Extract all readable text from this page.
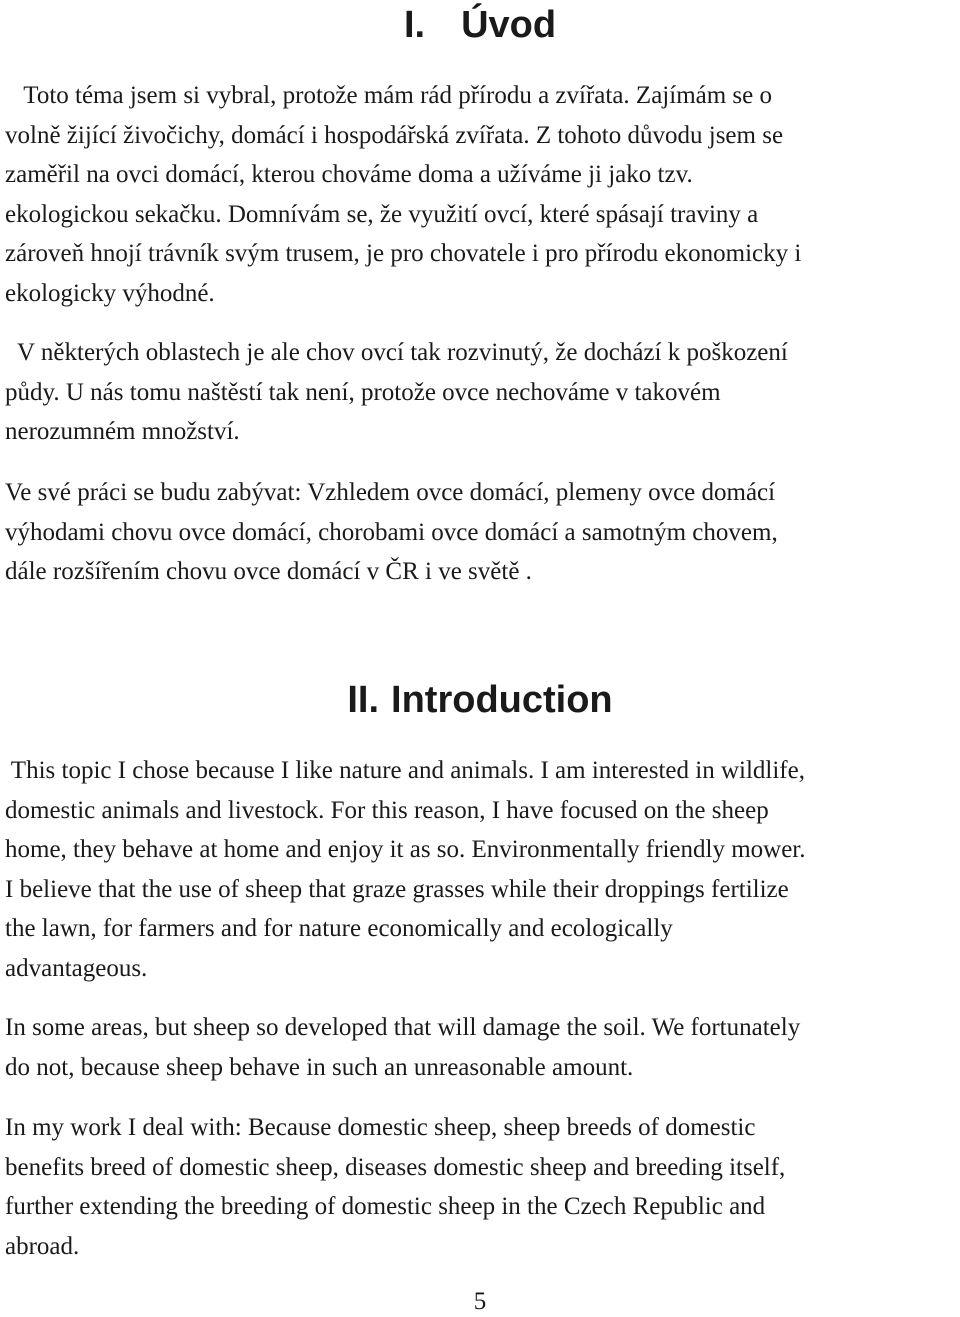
I. Úvod

Toto téma jsem si vybral, protože mám rád přírodu a zvířata. Zajímám se o
volně žijící živočichy, domácí i hospodářská zvířata. Z tohoto důvodu jsem se
zaměřil na ovci domácí, kterou chováme doma a užíváme ji jako tzv.
ekologickou sekačku. Domnívám se, že využití ovcí, které spásají traviny a
zároveň hnojí trávník svým trusem, je pro chovatele i pro přírodu ekonomicky i
ekologicky výhodné.

V některých oblastech je ale chov ovcí tak rozvinutý, že dochází k poškození
půdy. U nás tomu naštěstí tak není, protože ovce nechováme v takovém
nerozumném množství.

Ve své práci se budu zabývat: Vzhledem ovce domácí, plemeny ovce domácí
výhodami chovu ovce domácí, chorobami ovce domácí a samotným chovem,
dále rozšířením chovu ovce domácí v ČR i ve světě .

II. Introduction

This topic I chose because I like nature and animals. I am interested in wildlife,
domestic animals and livestock. For this reason, I have focused on the sheep
home, they behave at home and enjoy it as so. Environmentally friendly mower.
I believe that the use of sheep that graze grasses while their droppings fertilize
the lawn, for farmers and for nature economically and ecologically
advantageous.

In some areas, but sheep so developed that will damage the soil. We fortunately
do not, because sheep behave in such an unreasonable amount.

In my work I deal with: Because domestic sheep, sheep breeds of domestic
benefits breed of domestic sheep, diseases domestic sheep and breeding itself,
further extending the breeding of domestic sheep in the Czech Republic and
abroad.

5
